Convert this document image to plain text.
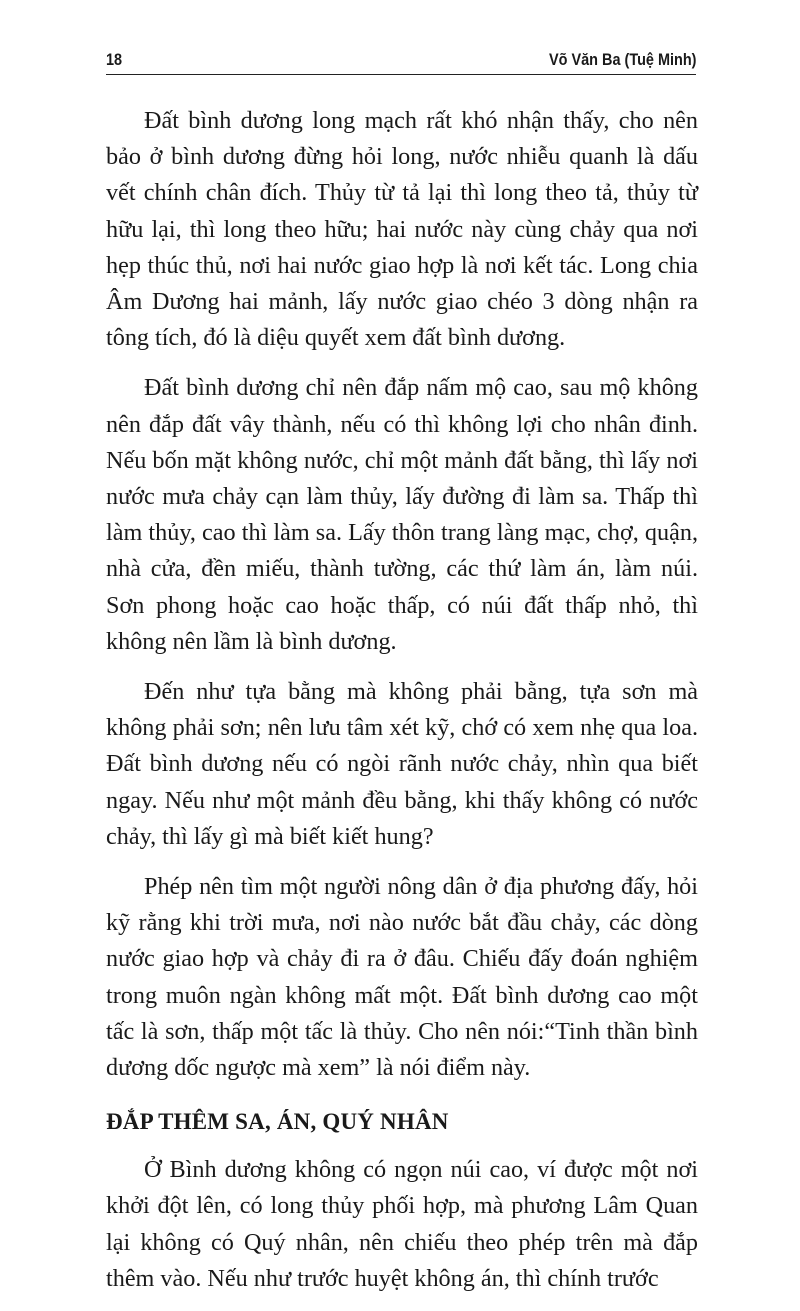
18	Võ Văn Ba (Tuệ Minh)

Đất bình dương long mạch rất khó nhận thấy, cho nên bảo ở bình dương đừng hỏi long, nước nhiễu quanh là dấu vết chính chân đích. Thủy từ tả lại thì long theo tả, thủy từ hữu lại, thì long theo hữu; hai nước này cùng chảy qua nơi hẹp thúc thủ, nơi hai nước giao hợp là nơi kết tác. Long chia Âm Dương hai mảnh, lấy nước giao chéo 3 dòng nhận ra tông tích, đó là diệu quyết xem đất bình dương.

Đất bình dương chỉ nên đắp nấm mộ cao, sau mộ không nên đắp đất vây thành, nếu có thì không lợi cho nhân đinh. Nếu bốn mặt không nước, chỉ một mảnh đất bằng, thì lấy nơi nước mưa chảy cạn làm thủy, lấy đường đi làm sa. Thấp thì làm thủy, cao thì làm sa. Lấy thôn trang làng mạc, chợ, quận, nhà cửa, đền miếu, thành tường, các thứ làm án, làm núi. Sơn phong hoặc cao hoặc thấp, có núi đất thấp nhỏ, thì không nên lầm là bình dương.

Đến như tựa bằng mà không phải bằng, tựa sơn mà không phải sơn; nên lưu tâm xét kỹ, chớ có xem nhẹ qua loa. Đất bình dương nếu có ngòi rãnh nước chảy, nhìn qua biết ngay. Nếu như một mảnh đều bằng, khi thấy không có nước chảy, thì lấy gì mà biết kiết hung?

Phép nên tìm một người nông dân ở địa phương đấy, hỏi kỹ rằng khi trời mưa, nơi nào nước bắt đầu chảy, các dòng nước giao hợp và chảy đi ra ở đâu. Chiếu đấy đoán nghiệm trong muôn ngàn không mất một. Đất bình dương cao một tấc là sơn, thấp một tấc là thủy. Cho nên nói:“Tinh thần bình dương dốc ngược mà xem” là nói điểm này.

ĐẮP THÊM SA, ÁN, QUÝ NHÂN

Ở Bình dương không có ngọn núi cao, ví được một nơi khởi đột lên, có long thủy phối hợp, mà phương Lâm Quan lại không có Quý nhân, nên chiếu theo phép trên mà đắp thêm vào. Nếu như trước huyệt không án, thì chính trước
